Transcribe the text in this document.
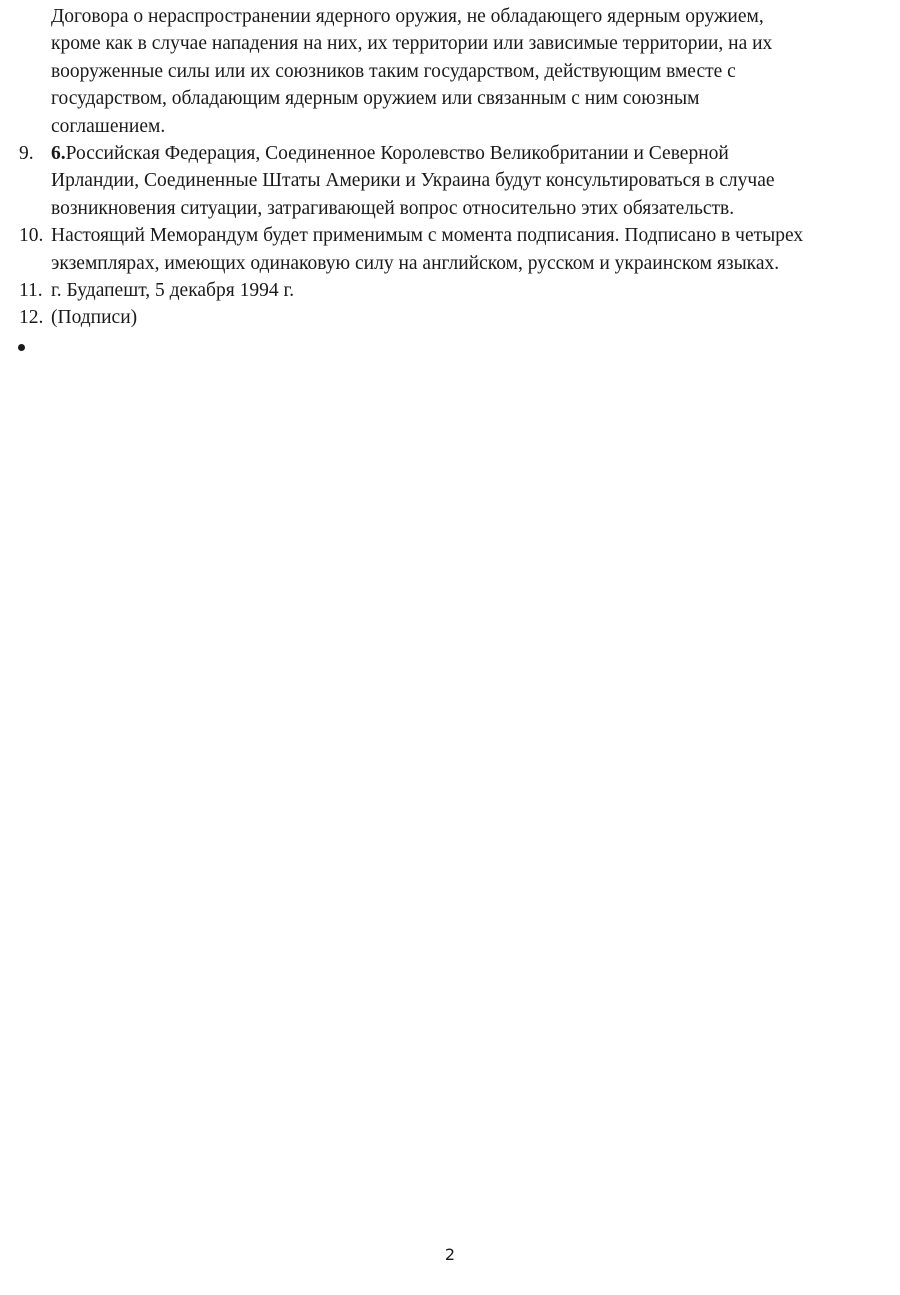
Договора о нераспространении ядерного оружия, не обладающего ядерным оружием,
кроме как в случае нападения на них, их территории или зависимые территории, на их
вооруженные силы или их союзников таким государством, действующим вместе с
государством, обладающим ядерным оружием или связанным с ним союзным
соглашением.
9. 6.Российская Федерация, Соединенное Королевство Великобритании и Северной
Ирландии, Соединенные Штаты Америки и Украина будут консультироваться в случае
возникновения ситуации, затрагивающей вопрос относительно этих обязательств.
10. Настоящий Меморандум будет применимым с момента подписания. Подписано в четырех
экземплярах, имеющих одинаковую силу на английском, русском и украинском языках.
11. г. Будапешт, 5 декабря 1994 г.
12. (Подписи)
2
